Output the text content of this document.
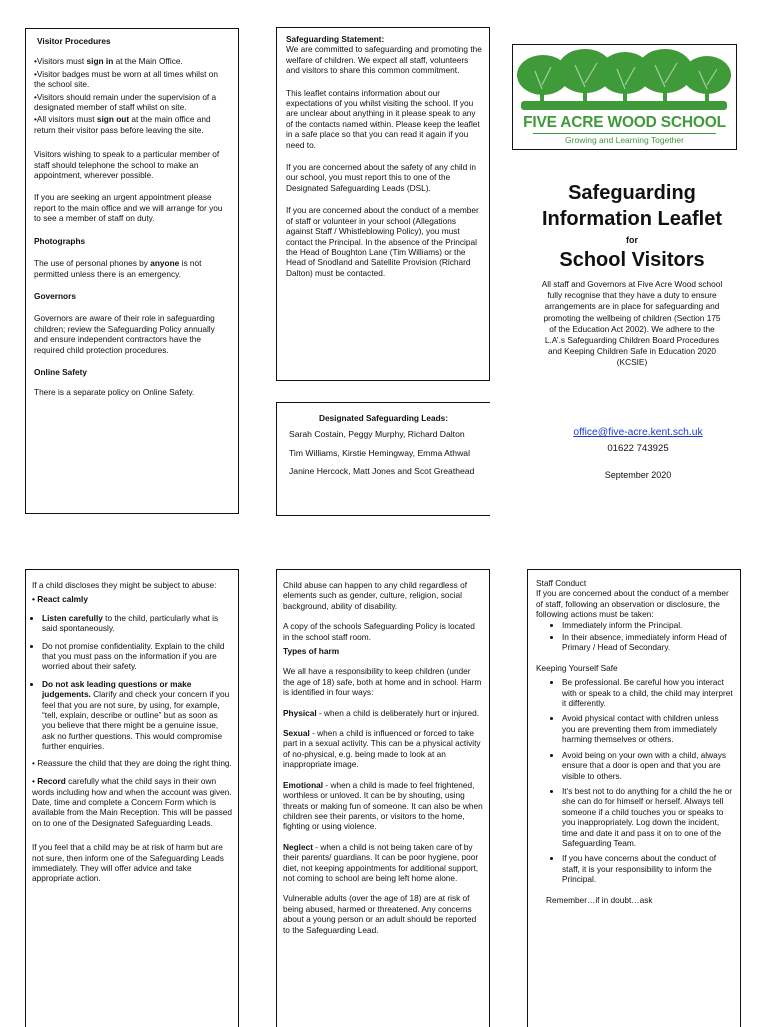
Visitor Procedures

• Visitors must sign in at the Main Office.
• Visitor badges must be worn at all times whilst on the school site.
• Visitors should remain under the supervision of a designated member of staff whilst on site.
• All visitors must sign out at the main office and return their visitor pass before leaving the site.

Visitors wishing to speak to a particular member of staff should telephone the school to make an appointment, wherever possible.

If you are seeking an urgent appointment please report to the main office and we will arrange for you to see a member of staff on duty.

Photographs

The use of personal phones by anyone is not permitted unless there is an emergency.

Governors

Governors are aware of their role in safeguarding children; review the Safeguarding Policy annually and ensure independent contractors have the required child protection procedures.

Online Safety

There is a separate policy on Online Safety.

Safeguarding Statement:

We are committed to safeguarding and promoting the welfare of children. We expect all staff, volunteers and visitors to share this common commitment.

This leaflet contains information about our expectations of you whilst visiting the school. If you are unclear about anything in it please speak to any of the contacts named within. Please keep the leaflet in a safe place so that you can read it again if you need to.

If you are concerned about the safety of any child in our school, you must report this to one of the Designated Safeguarding Leads (DSL).

If you are concerned about the conduct of a member of staff or volunteer in your school (Allegations against Staff / Whistleblowing Policy), you must contact the Principal. In the absence of the Principal the Head of Boughton Lane (Tim Williams) or the Head of Snodland and Satellite Provision (Richard Dalton) must be contacted.

Designated Safeguarding Leads:

Sarah Costain, Peggy Murphy, Richard Dalton

Tim Williams, Kirstie Hemingway, Emma Athwal

Janine Hercock, Matt Jones and Scot Greathead

FIVE ACRE WOOD SCHOOL
Growing and Learning Together
Safeguarding
Information Leaflet
for
School Visitors
All staff and Governors at Five Acre Wood school fully recognise that they have a duty to ensure arrangements are in place for safeguarding and promoting the wellbeing of children (Section 175 of the Education Act 2002). We adhere to the L.A’.s Safeguarding Children Board Procedures and Keeping Children Safe in Education 2020 (KCSIE)
office@five-acre.kent.sch.uk
01622 743925
September 2020

If a child discloses they might be subject to abuse:

• React calmly

• Listen carefully to the child, particularly what is said spontaneously.
• Do not promise confidentiality. Explain to the child that you must pass on the information if you are worried about their safety.
• Do not ask leading questions or make judgements. Clarify and check your concern if you feel that you are not sure, by using, for example, “tell, explain, describe or outline” but as soon as you believe that there might be a genuine issue, ask no further questions. This would compromise further enquiries.

• Reassure the child that they are doing the right thing.

• Record carefully what the child says in their own words including how and when the account was given. Date, time and complete a Concern Form which is available from the Main Reception. This will be passed on to one of the Designated Safeguarding Leads.

If you feel that a child may be at risk of harm but are not sure, then inform one of the Safeguarding Leads immediately. They will offer advice and take appropriate action.

Child abuse can happen to any child regardless of elements such as gender, culture, religion, social background, ability of disability.

A copy of the schools Safeguarding Policy is located in the school staff room.

Types of harm

We all have a responsibility to keep children (under the age of 18) safe, both at home and in school. Harm is identified in four ways:

Physical - when a child is deliberately hurt or injured.

Sexual - when a child is influenced or forced to take part in a sexual activity. This can be a physical activity of no-physical, e.g. being made to look at an inappropriate image.

Emotional - when a child is made to feel frightened, worthless or unloved. It can be by shouting, using threats or making fun of someone. It can also be when children see their parents, or visitors to the home, fighting or using violence.

Neglect - when a child is not being taken care of by their parents/ guardians. It can be poor hygiene, poor diet, not keeping appointments for additional support, not coming to school are being left home alone.

Vulnerable adults (over the age of 18) are at risk of being abused, harmed or threatened. Any concerns about a young person or an adult should be reported to the Safeguarding Lead.

Staff Conduct

If you are concerned about the conduct of a member of staff, following an observation or disclosure, the following actions must be taken:

• Immediately inform the Principal.
• In their absence, immediately inform Head of Primary / Head of Secondary.

Keeping Yourself Safe

• Be professional. Be careful how you interact with or speak to a child, the child may interpret it differently.
• Avoid physical contact with children unless you are preventing them from immediately harming themselves or others.
• Avoid being on your own with a child, always ensure that a door is open and that you are visible to others.
• It’s best not to do anything for a child the he or she can do for himself or herself. Always tell someone if a child touches you or speaks to you inappropriately. Log down the incident, time and date it and pass it on to one of the Safeguarding Team.
• If you have concerns about the conduct of staff, it is your responsibility to inform the Principal.

Remember…if in doubt…ask
